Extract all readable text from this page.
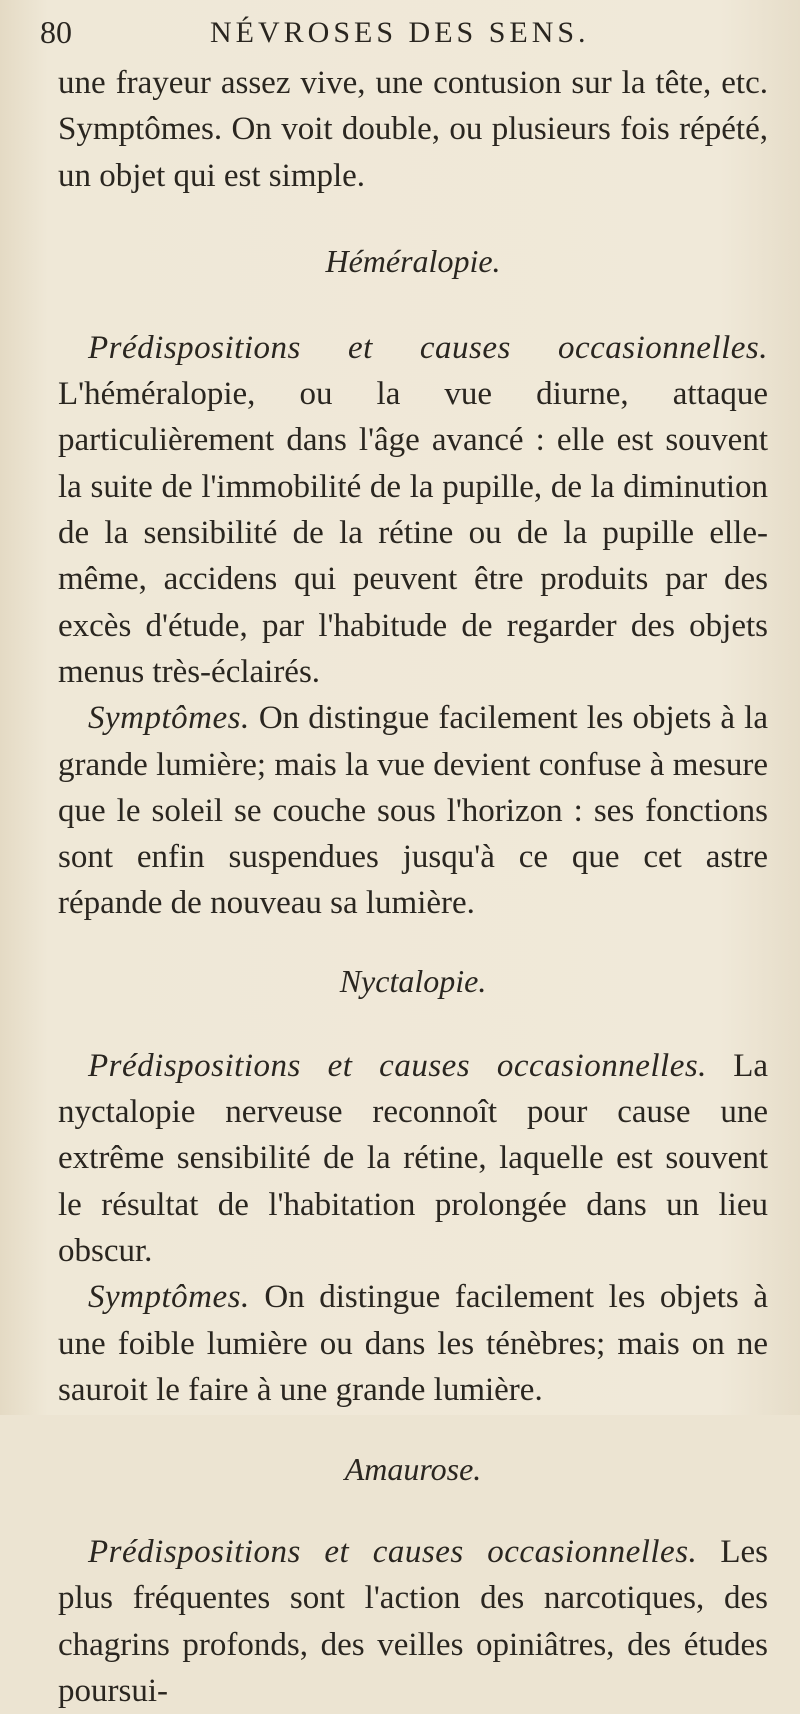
80	NÉVROSES DES SENS.

une frayeur assez vive, une contusion sur la tête, etc. Symptômes. On voit double, ou plusieurs fois répété, un objet qui est simple.

Héméralopie.

Prédispositions et causes occasionnelles. L'héméralopie, ou la vue diurne, attaque particulièrement dans l'âge avancé : elle est souvent la suite de l'immobilité de la pupille, de la diminution de la sensibilité de la rétine ou de la pupille elle-même, accidens qui peuvent être produits par des excès d'étude, par l'habitude de regarder des objets menus très-éclairés.

Symptômes. On distingue facilement les objets à la grande lumière; mais la vue devient confuse à mesure que le soleil se couche sous l'horizon : ses fonctions sont enfin suspendues jusqu'à ce que cet astre répande de nouveau sa lumière.

Nyctalopie.

Prédispositions et causes occasionnelles. La nyctalopie nerveuse reconnoît pour cause une extrême sensibilité de la rétine, laquelle est souvent le résultat de l'habitation prolongée dans un lieu obscur.

Symptômes. On distingue facilement les objets à une foible lumière ou dans les ténèbres; mais on ne sauroit le faire à une grande lumière.

Amaurose.

Prédispositions et causes occasionnelles. Les plus fréquentes sont l'action des narcotiques, des chagrins profonds, des veilles opiniâtres, des études poursui-
